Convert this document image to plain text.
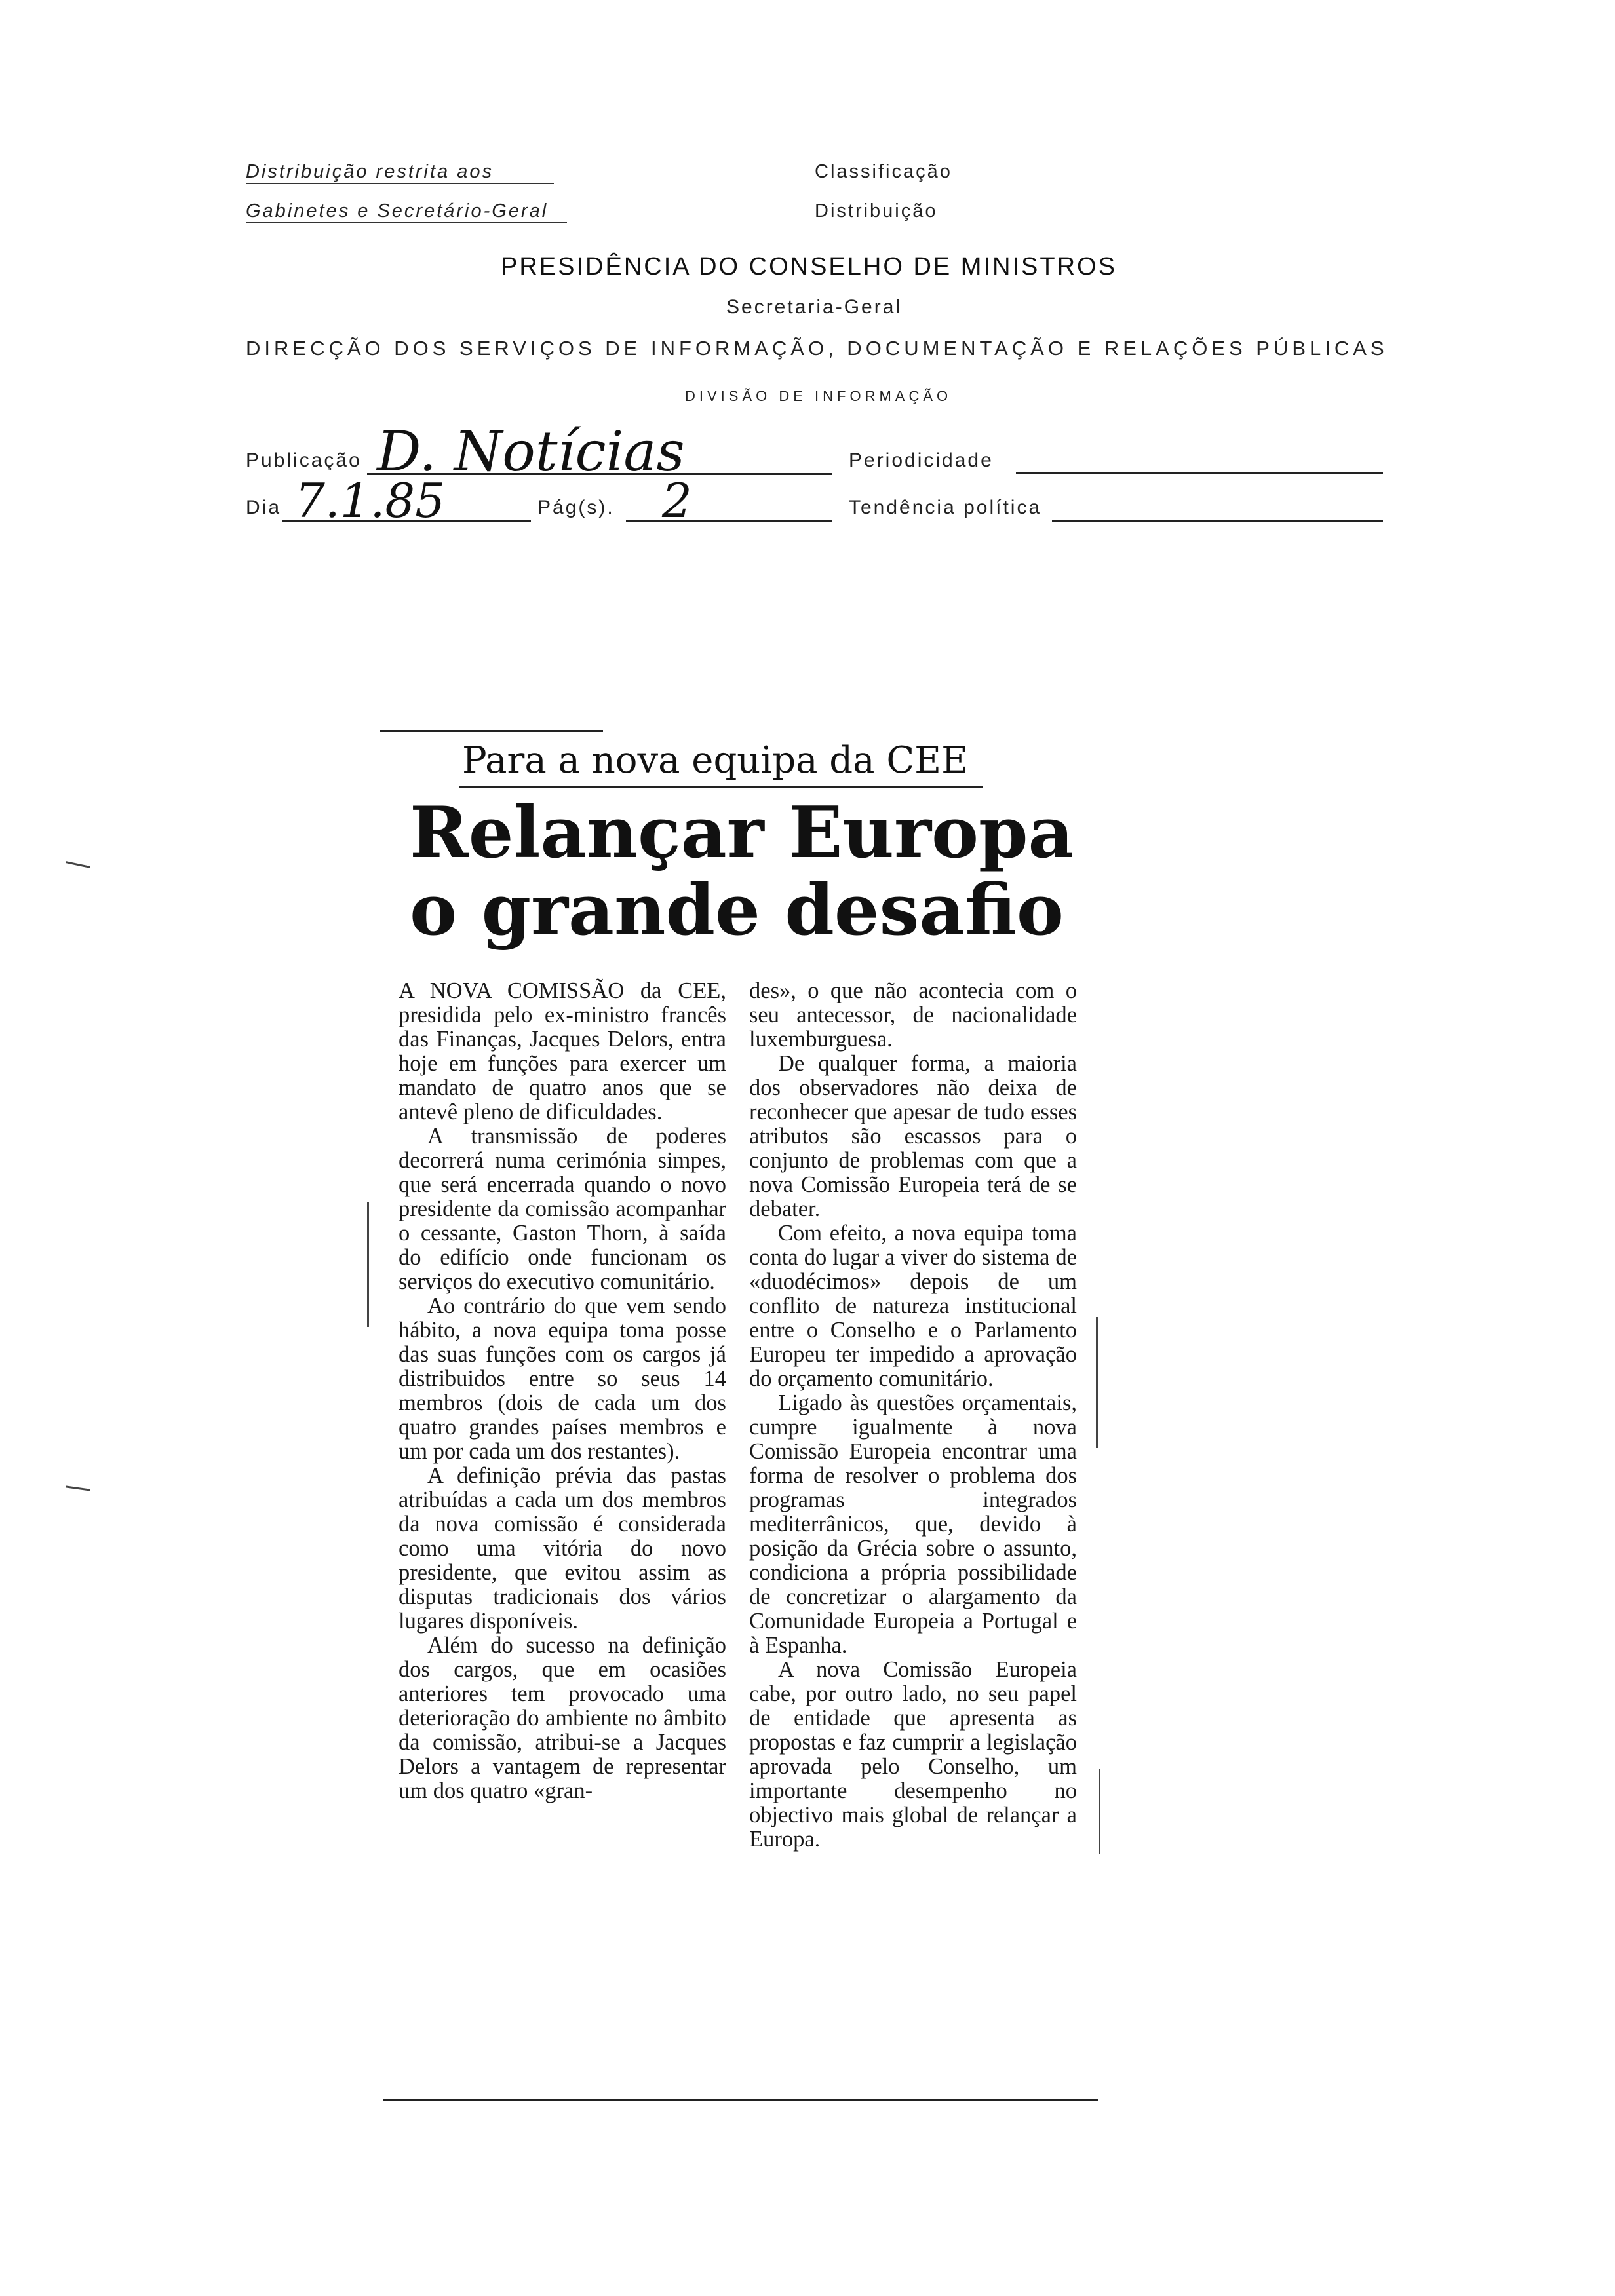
Distribuição restrita aos
Gabinetes e Secretário-Geral
Classificação
Distribuição
PRESIDÊNCIA DO CONSELHO DE MINISTROS
Secretaria-Geral
DIRECÇÃO DOS SERVIÇOS DE INFORMAÇÃO, DOCUMENTAÇÃO E RELAÇÕES PÚBLICAS
DIVISÃO DE INFORMAÇÃO
Publicação D. Notícias	Periodicidade
Dia 7.1.85	Pág(s). 2	Tendência política
Para a nova equipa da CEE
Relançar Europa
o grande desafio

A NOVA COMISSÃO da CEE, presidida pelo ex-ministro francês das Finanças, Jacques Delors, entra hoje em funções para exercer um mandato de quatro anos que se antevê pleno de dificuldades.

A transmissão de poderes decorrerá numa cerimónia simpes, que será encerrada quando o novo presidente da comissão acompanhar o cessante, Gaston Thorn, à saída do edifício onde funcionam os serviços do executivo comunitário.

Ao contrário do que vem sendo hábito, a nova equipa toma posse das suas funções com os cargos já distribuidos entre so seus 14 membros (dois de cada um dos quatro grandes países membros e um por cada um dos restantes).

A definição prévia das pastas atribuídas a cada um dos membros da nova comissão é considerada como uma vitória do novo presidente, que evitou assim as disputas tradicionais dos vários lugares disponíveis.

Além do sucesso na definição dos cargos, que em ocasiões anteriores tem provocado uma deterioração do ambiente no âmbito da comissão, atribui-se a Jacques Delors a vantagem de representar um dos quatro «gran-

des», o que não acontecia com o seu antecessor, de nacionalidade luxemburguesa.

De qualquer forma, a maioria dos observadores não deixa de reconhecer que apesar de tudo esses atributos são escassos para o conjunto de problemas com que a nova Comissão Europeia terá de se debater.

Com efeito, a nova equipa toma conta do lugar a viver do sistema de «duodécimos» depois de um conflito de natureza institucional entre o Conselho e o Parlamento Europeu ter impedido a aprovação do orçamento comunitário.

Ligado às questões orçamentais, cumpre igualmente à nova Comissão Europeia encontrar uma forma de resolver o problema dos programas integrados mediterrânicos, que, devido à posição da Grécia sobre o assunto, condiciona a própria possibilidade de concretizar o alargamento da Comunidade Europeia a Portugal e à Espanha.

A nova Comissão Europeia cabe, por outro lado, no seu papel de entidade que apresenta as propostas e faz cumprir a legislação aprovada pelo Conselho, um importante desempenho no objectivo mais global de relançar a Europa.
